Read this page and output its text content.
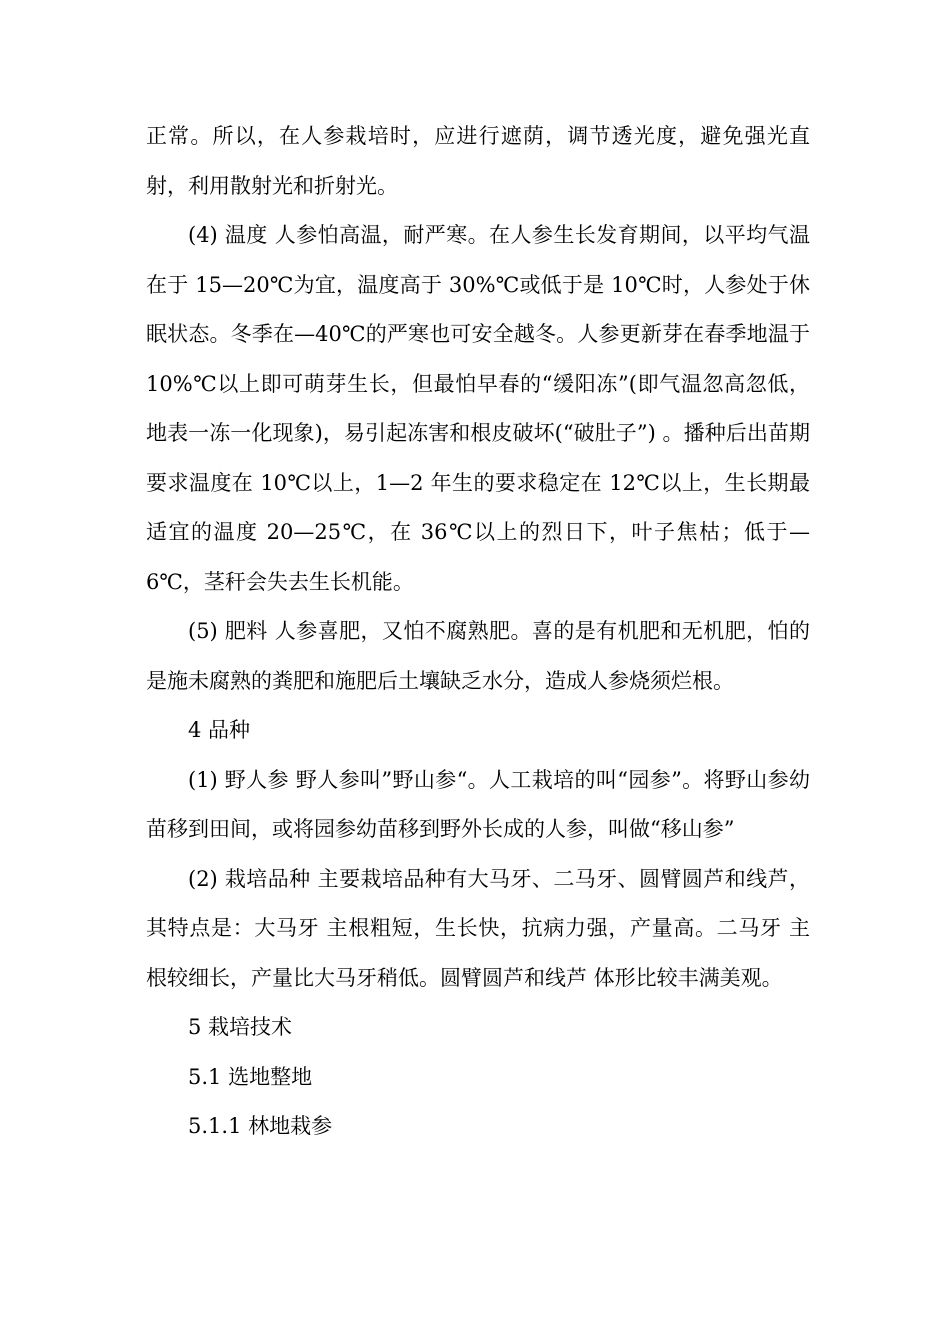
正常。所以，在人参栽培时，应进行遮荫，调节透光度，避免强光直射，利用散射光和折射光。

(4) 温度 人参怕高温，耐严寒。在人参生长发育期间，以平均气温在于 15—20℃为宜，温度高于 30%℃或低于是 10℃时，人参处于休眠状态。冬季在—40℃的严寒也可安全越冬。人参更新芽在春季地温于 10%℃以上即可萌芽生长，但最怕早春的“缓阳冻”(即气温忽高忽低，地表一冻一化现象)，易引起冻害和根皮破坏(“破肚子”) 。播种后出苗期要求温度在 10℃以上，1—2 年生的要求稳定在 12℃以上，生长期最适宜的温度 20—25℃，在 36℃以上的烈日下，叶子焦枯；低于—6℃，茎秆会失去生长机能。

(5) 肥料 人参喜肥，又怕不腐熟肥。喜的是有机肥和无机肥，怕的是施未腐熟的粪肥和施肥后土壤缺乏水分，造成人参烧须烂根。

4 品种

(1) 野人参 野人参叫”野山参“。人工栽培的叫“园参”。将野山参幼苗移到田间，或将园参幼苗移到野外长成的人参，叫做“移山参”

(2) 栽培品种 主要栽培品种有大马牙、二马牙、圆臂圆芦和线芦，其特点是：大马牙 主根粗短，生长快，抗病力强，产量高。二马牙 主根较细长，产量比大马牙稍低。圆臂圆芦和线芦 体形比较丰满美观。

5 栽培技术

5.1 选地整地

5.1.1 林地栽参
